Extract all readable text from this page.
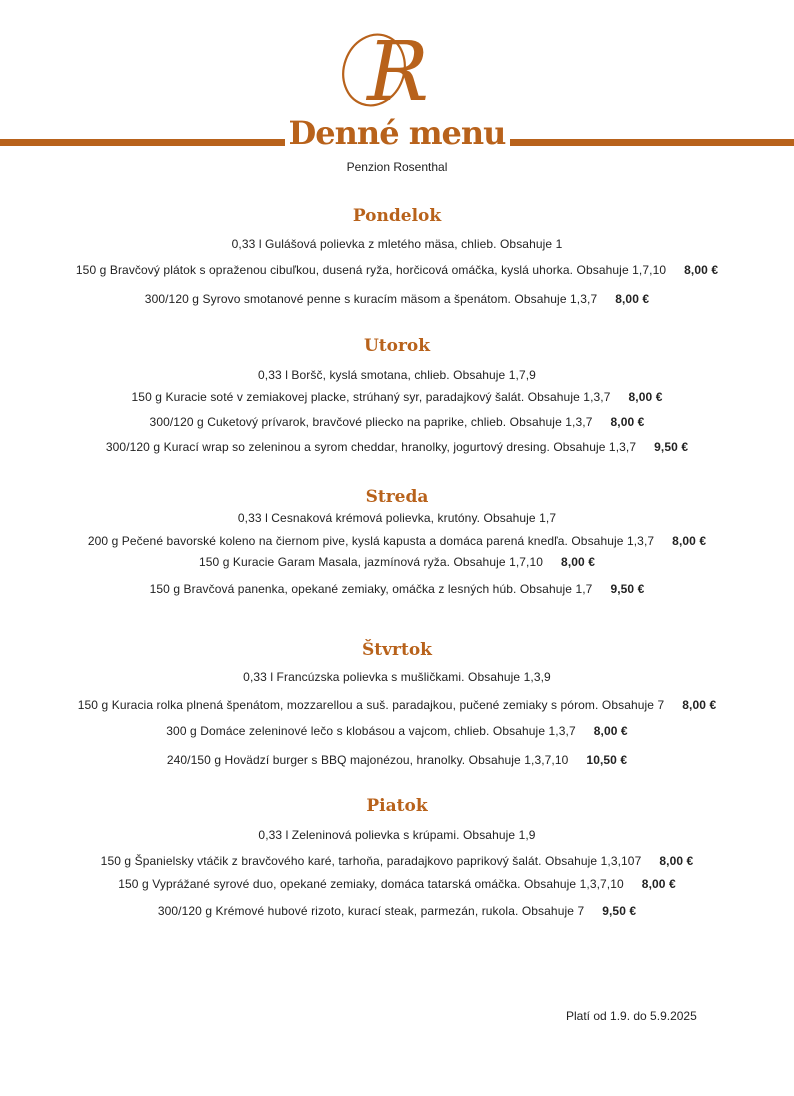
R
Denné menu
Penzion Rosenthal
Pondelok
0,33 l Gulášová polievka z mletého mäsa, chlieb. Obsahuje 1
150 g Bravčový plátok s opraženou cibuľkou, dusená ryža, horčicová omáčka, kyslá uhorka. Obsahuje 1,7,10 8,00 €
300/120 g Syrovo smotanové penne s kuracím mäsom a špenátom. Obsahuje 1,3,7 8,00 €
Utorok
0,33 l Boršč, kyslá smotana, chlieb. Obsahuje 1,7,9
150 g Kuracie soté v zemiakovej placke, strúhaný syr, paradajkový šalát. Obsahuje 1,3,7 8,00 €
300/120 g Cuketový prívarok, bravčové pliecko na paprike, chlieb. Obsahuje 1,3,7 8,00 €
300/120 g Kurací wrap so zeleninou a syrom cheddar, hranolky, jogurtový dresing. Obsahuje 1,3,7 9,50 €
Streda
0,33 l Cesnaková krémová polievka, krutóny. Obsahuje 1,7
200 g Pečené bavorské koleno na čiernom pive, kyslá kapusta a domáca parená knedľa. Obsahuje 1,3,7 8,00 €
150 g Kuracie Garam Masala, jazmínová ryža. Obsahuje 1,7,10 8,00 €
150 g Bravčová panenka, opekané zemiaky, omáčka z lesných húb. Obsahuje 1,7 9,50 €
Štvrtok
0,33 l Francúzska polievka s mušličkami. Obsahuje 1,3,9
150 g Kuracia rolka plnená špenátom, mozzarellou a suš. paradajkou, pučené zemiaky s pórom. Obsahuje 7 8,00 €
300 g Domáce zeleninové lečo s klobásou a vajcom, chlieb. Obsahuje 1,3,7 8,00 €
240/150 g Hovädzí burger s BBQ majonézou, hranolky. Obsahuje 1,3,7,10 10,50 €
Piatok
0,33 l Zeleninová polievka s krúpami. Obsahuje 1,9
150 g Španielsky vtáčik z bravčového karé, tarhoňa, paradajkovo paprikový šalát. Obsahuje 1,3,107 8,00 €
150 g Vyprážané syrové duo, opekané zemiaky, domáca tatarská omáčka. Obsahuje 1,3,7,10 8,00 €
300/120 g Krémové hubové rizoto, kurací steak, parmezán, rukola. Obsahuje 7 9,50 €
Platí od 1.9. do 5.9.2025
